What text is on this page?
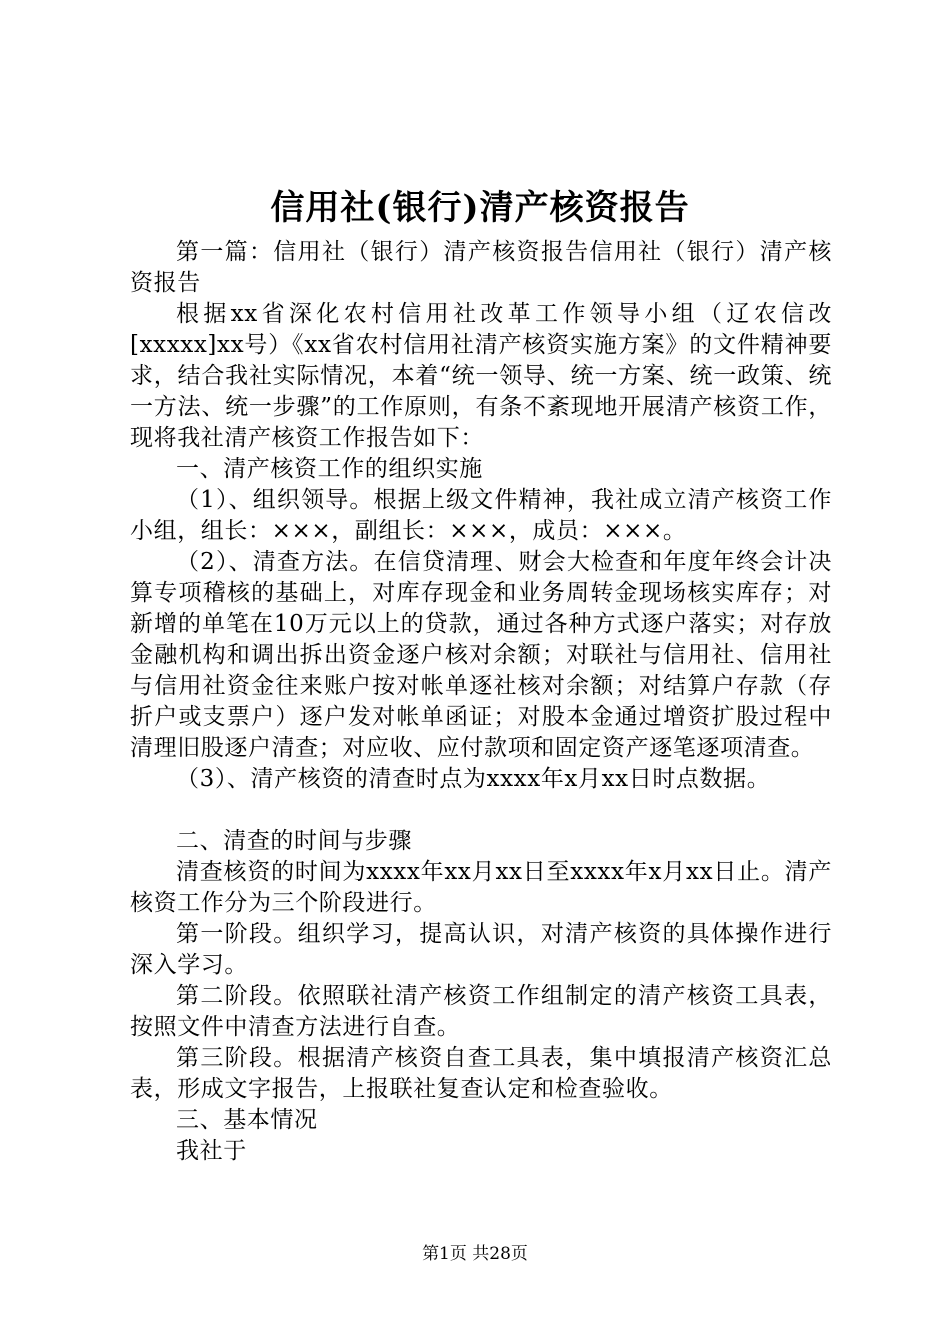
信用社(银行)清产核资报告

第一篇：信用社（银行）清产核资报告信用社（银行）清产核资报告

根据xx省深化农村信用社改革工作领导小组（辽农信改[xxxxx]xx号）《xx省农村信用社清产核资实施方案》的文件精神要求，结合我社实际情况，本着“统一领导、统一方案、统一政策、统一方法、统一步骤”的工作原则，有条不紊现地开展清产核资工作，现将我社清产核资工作报告如下：

一、清产核资工作的组织实施

（1）、组织领导。根据上级文件精神，我社成立清产核资工作小组，组长：×××，副组长：×××，成员：×××。

（2）、清查方法。在信贷清理、财会大检查和年度年终会计决算专项稽核的基础上，对库存现金和业务周转金现场核实库存；对新增的单笔在10万元以上的贷款，通过各种方式逐户落实；对存放金融机构和调出拆出资金逐户核对余额；对联社与信用社、信用社与信用社资金往来账户按对帐单逐社核对余额；对结算户存款（存折户或支票户）逐户发对帐单函证；对股本金通过增资扩股过程中清理旧股逐户清查；对应收、应付款项和固定资产逐笔逐项清查。

（3）、清产核资的清查时点为xxxx年x月xx日时点数据。

二、清查的时间与步骤

清查核资的时间为xxxx年xx月xx日至xxxx年x月xx日止。清产核资工作分为三个阶段进行。

第一阶段。组织学习，提高认识，对清产核资的具体操作进行深入学习。

第二阶段。依照联社清产核资工作组制定的清产核资工具表，按照文件中清查方法进行自查。

第三阶段。根据清产核资自查工具表，集中填报清产核资汇总表，形成文字报告，上报联社复查认定和检查验收。

三、基本情况

我社于

第1页 共28页
